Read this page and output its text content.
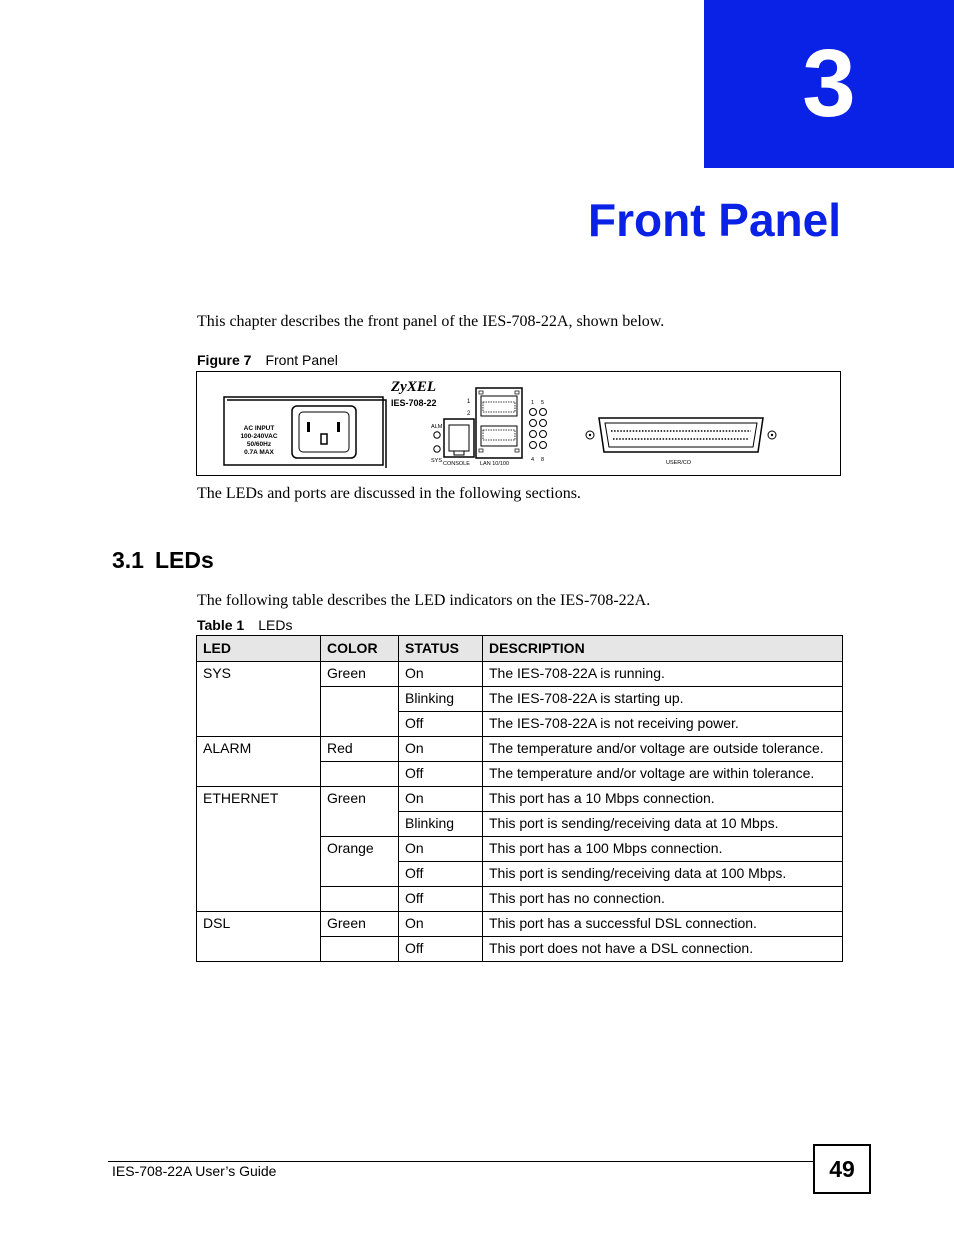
3
Front Panel
This chapter describes the front panel of the IES-708-22A, shown below.
Figure 7 Front Panel
AC INPUT
100-240VAC
50/60Hz
0.7A MAX
ZyXEL
IES-708-22
ALM
SYS CONSOLE
1
2
LAN 10/100
1 5
4 8	USER/CO
The LEDs and ports are discussed in the following sections.
3.1 LEDs
The following table describes the LED indicators on the IES-708-22A.
Table 1 LEDs
LED	COLOR	STATUS	DESCRIPTION
SYS	Green	On	The IES-708-22A is running.
		Blinking	The IES-708-22A is starting up.
		Off	The IES-708-22A is not receiving power.
ALARM	Red	On	The temperature and/or voltage are outside tolerance.
		Off	The temperature and/or voltage are within tolerance.
ETHERNET	Green	On	This port has a 10 Mbps connection.
		Blinking	This port is sending/receiving data at 10 Mbps.
	Orange	On	This port has a 100 Mbps connection.
		Off	This port is sending/receiving data at 100 Mbps.
		Off	This port has no connection.
DSL	Green	On	This port has a successful DSL connection.
		Off	This port does not have a DSL connection.
IES-708-22A User’s Guide	49
